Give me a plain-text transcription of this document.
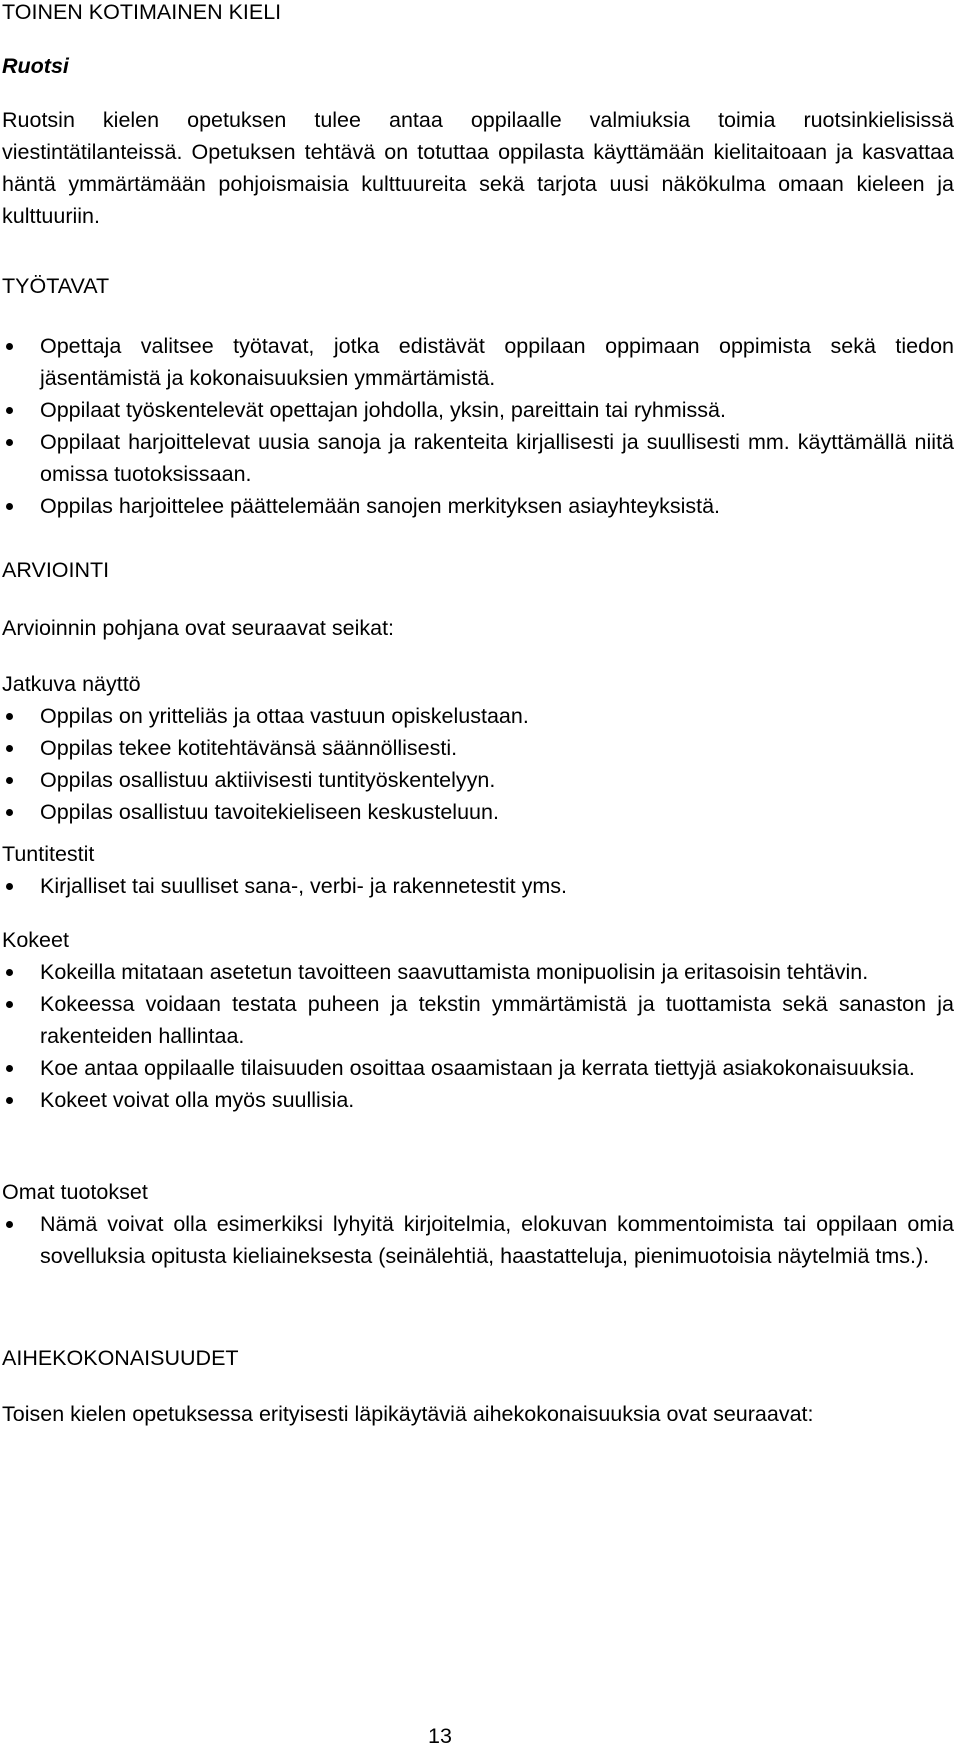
TOINEN KOTIMAINEN KIELI

Ruotsi

Ruotsin kielen opetuksen tulee antaa oppilaalle valmiuksia toimia ruotsinkielisissä viestintätilanteissä. Opetuksen tehtävä on totuttaa oppilasta käyttämään kielitaitoaan ja kasvattaa häntä ymmärtämään pohjoismaisia kulttuureita sekä tarjota uusi näkökulma omaan kieleen ja kulttuuriin.

TYÖTAVAT

Opettaja valitsee työtavat, jotka edistävät oppilaan oppimaan oppimista sekä tiedon jäsentämistä ja kokonaisuuksien ymmärtämistä.
Oppilaat työskentelevät opettajan johdolla, yksin, pareittain tai ryhmissä.
Oppilaat harjoittelevat uusia sanoja ja rakenteita kirjallisesti ja suullisesti mm. käyttämällä niitä omissa tuotoksissaan.
Oppilas harjoittelee päättelemään sanojen merkityksen asiayhteyksistä.

ARVIOINTI

Arvioinnin pohjana ovat seuraavat seikat:

Jatkuva näyttö

Oppilas on yritteliäs ja ottaa vastuun opiskelustaan.
Oppilas tekee kotitehtävänsä säännöllisesti.
Oppilas osallistuu aktiivisesti tuntityöskentelyyn.
Oppilas osallistuu tavoitekieliseen keskusteluun.

Tuntitestit

Kirjalliset tai suulliset sana-, verbi- ja rakennetestit yms.

Kokeet

Kokeilla mitataan asetetun tavoitteen saavuttamista monipuolisin ja eritasoisin tehtävin.
Kokeessa voidaan testata puheen ja tekstin ymmärtämistä ja tuottamista sekä sanaston ja rakenteiden hallintaa.
Koe antaa oppilaalle tilaisuuden osoittaa osaamistaan ja kerrata tiettyjä asiakokonaisuuksia.
Kokeet voivat olla myös suullisia.

Omat tuotokset

Nämä voivat olla esimerkiksi lyhyitä kirjoitelmia, elokuvan kommentoimista tai oppilaan omia sovelluksia opitusta kieliaineksesta (seinälehtiä, haastatteluja, pienimuotoisia näytelmiä tms.).

AIHEKOKONAISUUDET

Toisen kielen opetuksessa erityisesti läpikäytäviä aihekokonaisuuksia ovat seuraavat:

13
